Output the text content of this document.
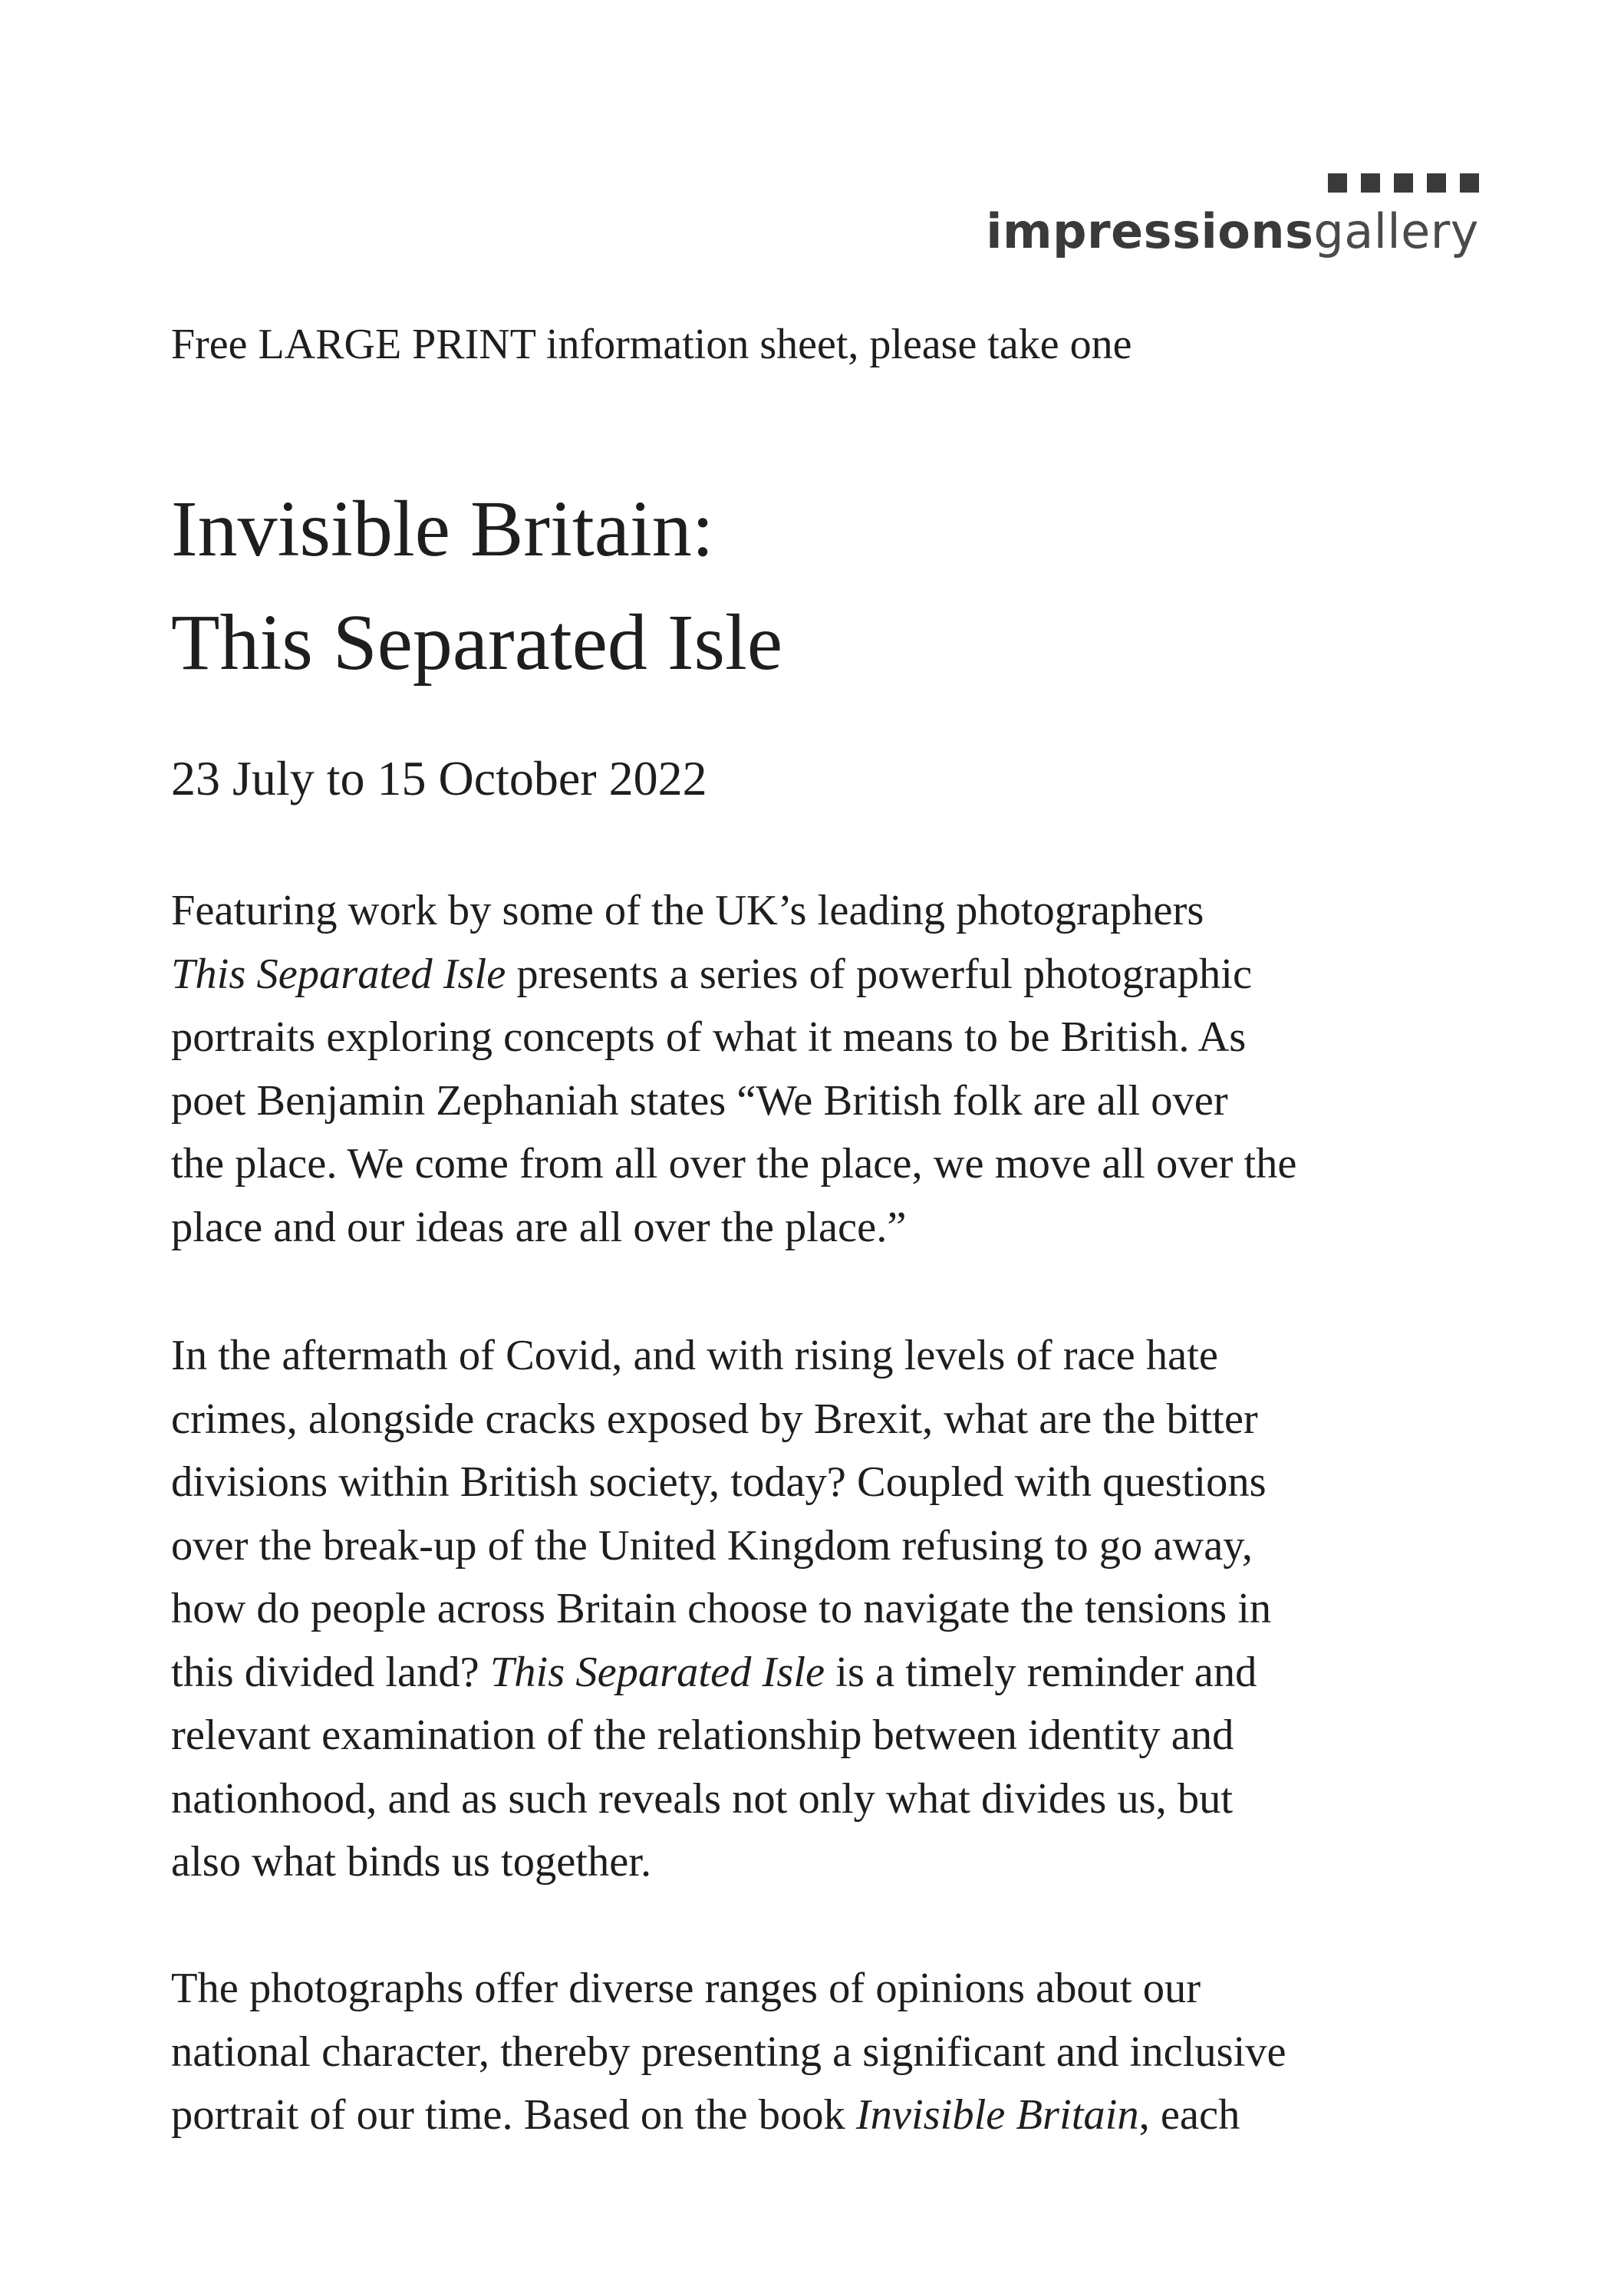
impressionsgallery
Free LARGE PRINT information sheet, please take one
Invisible Britain:
This Separated Isle
23 July to 15 October 2022

Featuring work by some of the UK’s leading photographers
This Separated Isle presents a series of powerful photographic
portraits exploring concepts of what it means to be British. As
poet Benjamin Zephaniah states “We British folk are all over
the place. We come from all over the place, we move all over the
place and our ideas are all over the place.”

In the aftermath of Covid, and with rising levels of race hate
crimes, alongside cracks exposed by Brexit, what are the bitter
divisions within British society, today? Coupled with questions
over the break-up of the United Kingdom refusing to go away,
how do people across Britain choose to navigate the tensions in
this divided land? This Separated Isle is a timely reminder and
relevant examination of the relationship between identity and
nationhood, and as such reveals not only what divides us, but
also what binds us together.

The photographs offer diverse ranges of opinions about our
national character, thereby presenting a significant and inclusive
portrait of our time. Based on the book Invisible Britain, each
